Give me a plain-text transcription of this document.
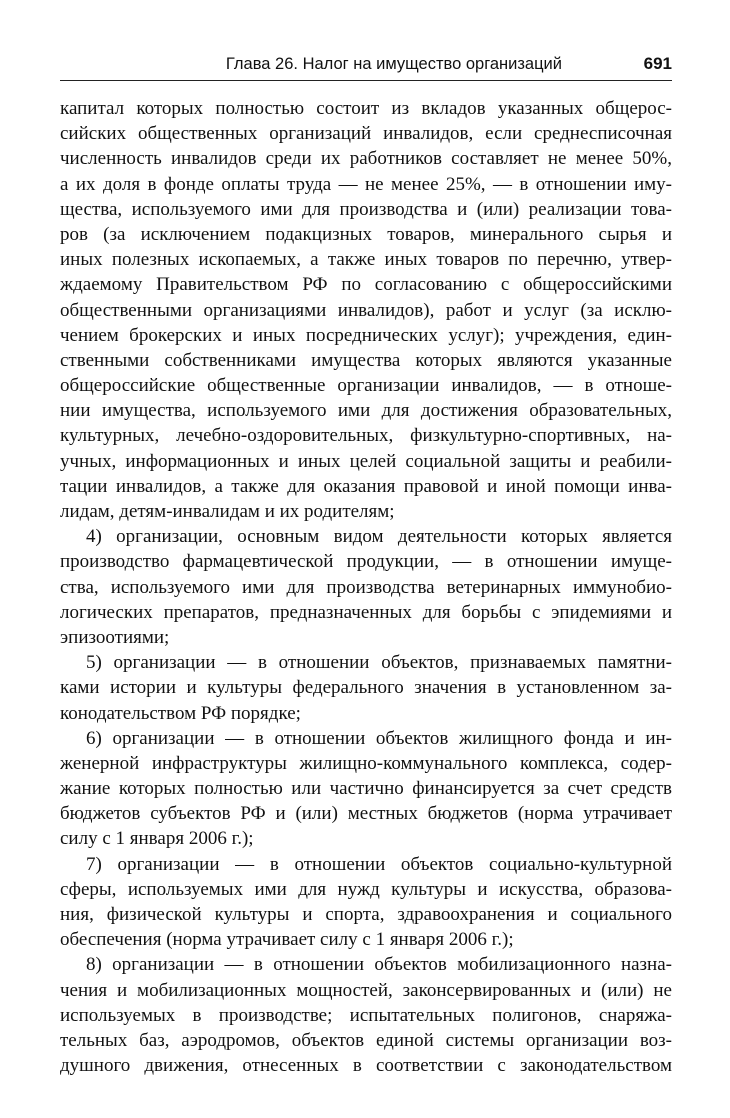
Глава 26. Налог на имущество организаций	691
капитал которых полностью состоит из вкладов указанных общерос-
сийских общественных организаций инвалидов, если среднесписочная
численность инвалидов среди их работников составляет не менее 50%,
а их доля в фонде оплаты труда — не менее 25%, — в отношении иму-
щества, используемого ими для производства и (или) реализации това-
ров (за исключением подакцизных товаров, минерального сырья и
иных полезных ископаемых, а также иных товаров по перечню, утвер-
ждаемому Правительством РФ по согласованию с общероссийскими
общественными организациями инвалидов), работ и услуг (за исклю-
чением брокерских и иных посреднических услуг); учреждения, един-
ственными собственниками имущества которых являются указанные
общероссийские общественные организации инвалидов, — в отноше-
нии имущества, используемого ими для достижения образовательных,
культурных, лечебно-оздоровительных, физкультурно-спортивных, на-
учных, информационных и иных целей социальной защиты и реабили-
тации инвалидов, а также для оказания правовой и иной помощи инва-
лидам, детям-инвалидам и их родителям;
4) организации, основным видом деятельности которых является
производство фармацевтической продукции, — в отношении имуще-
ства, используемого ими для производства ветеринарных иммунобио-
логических препаратов, предназначенных для борьбы с эпидемиями и
эпизоотиями;
5) организации — в отношении объектов, признаваемых памятни-
ками истории и культуры федерального значения в установленном за-
конодательством РФ порядке;
6) организации — в отношении объектов жилищного фонда и ин-
женерной инфраструктуры жилищно-коммунального комплекса, содер-
жание которых полностью или частично финансируется за счет средств
бюджетов субъектов РФ и (или) местных бюджетов (норма утрачивает
силу с 1 января 2006 г.);
7) организации — в отношении объектов социально-культурной
сферы, используемых ими для нужд культуры и искусства, образова-
ния, физической культуры и спорта, здравоохранения и социального
обеспечения (норма утрачивает силу с 1 января 2006 г.);
8) организации — в отношении объектов мобилизационного назна-
чения и мобилизационных мощностей, законсервированных и (или) не
используемых в производстве; испытательных полигонов, снаряжа-
тельных баз, аэродромов, объектов единой системы организации воз-
душного движения, отнесенных в соответствии с законодательством
